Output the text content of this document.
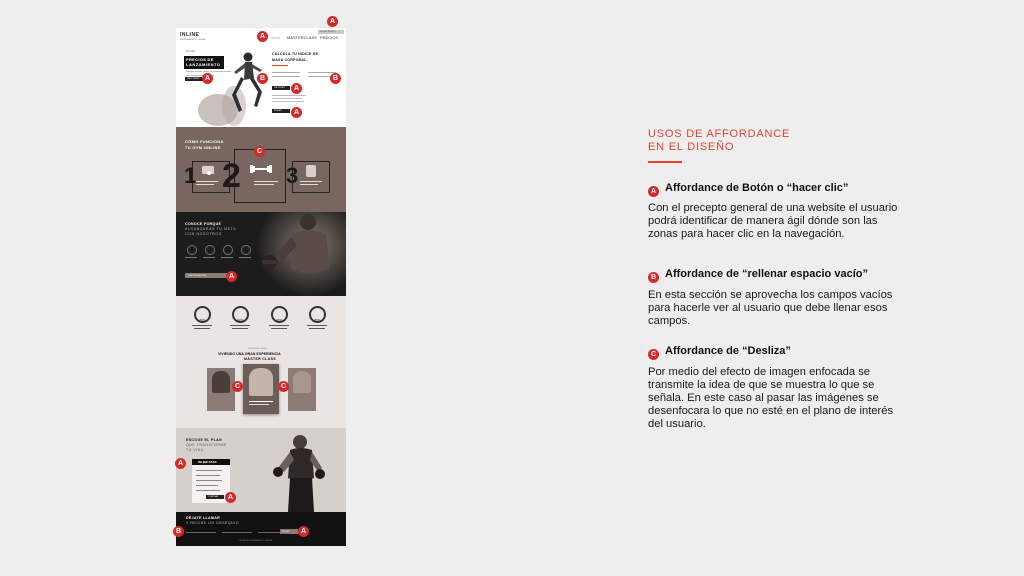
INLINE
ENTRENAMIENTO ONLINE	INICIO MASTERCLASS PRECIOS
INICIAR SESIÓN
PLANES
PRECIOS DE
LANZAMIENTO
Descubre nuestros planes de entrenamiento online
VER PLANES
CALCULA TU ÍNDICE DE
MASA CORPORAL
CALCULAR
ENVIAR
CÓMO FUNCIONA
TU GYM ONLINE
1 2 3
CONOCE PORQUÉ
ALCANZARÁS TU META
CON NOSOTROS
EMPIEZA AHORA
80%	90%	95%	85%
NUESTRAS CLASES
VIVIENDO UNA GRAN EXPERIENCIA
MASTER CLASS
ESCOGE EL PLAN
QUE TRANSFORME
TU VIDA
INLINE PASS
COMPRAR
DÉJATE LLAMAR
Y RECIBE UN OBSEQUIO
ENVIAR
© INLINE ENTRENAMIENTO ONLINE
A
A
A	B	B
A
A
C
A
C	C
A
A
B	A
USOS DE AFFORDANCE
EN EL DISEÑO
A Affordance de Botón o “hacer clic”
Con el precepto general de una website el usuario podrá identificar de manera ágil dónde son las zonas para hacer clic en la navegación.
B Affordance de “rellenar espacio vacío”
En esta sección se aprovecha los campos vacíos para hacerle ver al usuario que debe llenar esos campos.
C Affordance de “Desliza”
Por medio del efecto de imagen enfocada se transmite la idea de que se muestra lo que se señala. En este caso al pasar las imágenes se desenfocara lo que no esté en el plano de interés del usuario.
